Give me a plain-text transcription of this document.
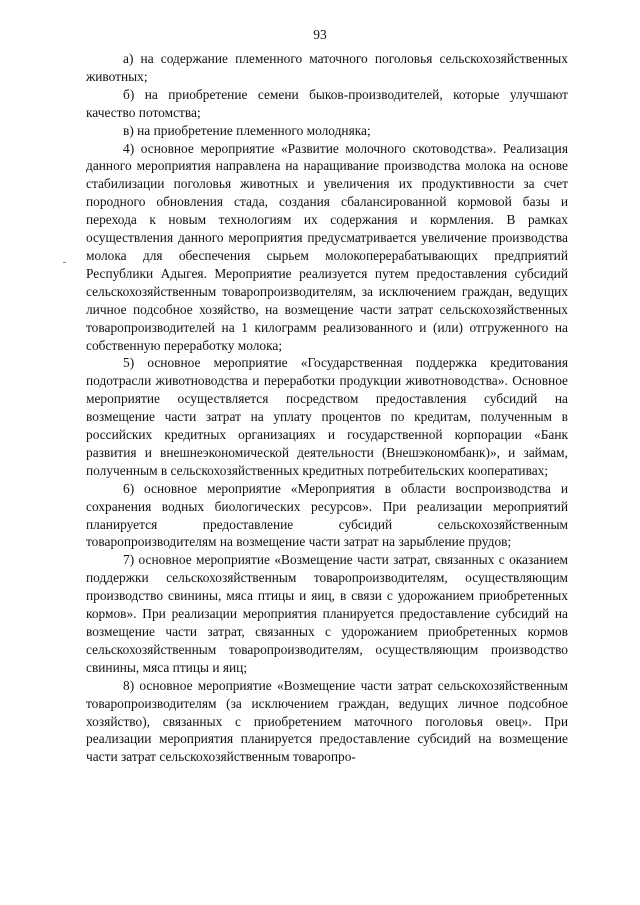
93

а) на содержание племенного маточного поголовья сельскохозяйственных животных;

б) на приобретение семени быков-производителей, которые улучшают качество потомства;

в) на приобретение племенного молодняка;

4) основное мероприятие «Развитие молочного скотоводства». Реализация данного мероприятия направлена на наращивание производства молока на основе стабилизации поголовья животных и увеличения их продуктивности за счет породного обновления стада, создания сбалансированной кормовой базы и перехода к новым технологиям их содержания и кормления. В рамках осуществления данного мероприятия предусматривается увеличение производства молока для обеспечения сырьем молокоперерабатывающих предприятий Республики Адыгея. Мероприятие реализуется путем предоставления субсидий сельскохозяйственным товаропроизводителям, за исключением граждан, ведущих личное подсобное хозяйство, на возмещение части затрат сельскохозяйственных товаропроизводителей на 1 килограмм реализованного и (или) отгруженного на собственную переработку молока;

5) основное мероприятие «Государственная поддержка кредитования подотрасли животноводства и переработки продукции животноводства». Основное мероприятие осуществляется посредством предоставления субсидий на возмещение части затрат на уплату процентов по кредитам, полученным в российских кредитных организациях и государственной корпорации «Банк развития и внешнеэкономической деятельности (Внешэкономбанк)», и займам, полученным в сельскохозяйственных кредитных потребительских кооперативах;

6) основное мероприятие «Мероприятия в области воспроизводства и сохранения водных биологических ресурсов». При реализации мероприятий планируется предоставление субсидий сельскохозяйственным товаропроизводителям на возмещение части затрат на зарыбление прудов;

7) основное мероприятие «Возмещение части затрат, связанных с оказанием поддержки сельскохозяйственным товаропроизводителям, осуществляющим производство свинины, мяса птицы и яиц, в связи с удорожанием приобретенных кормов». При реализации мероприятия планируется предоставление субсидий на возмещение части затрат, связанных с удорожанием приобретенных кормов сельскохозяйственным товаропроизводителям, осуществляющим производство свинины, мяса птицы и яиц;

8) основное мероприятие «Возмещение части затрат сельскохозяйственным товаропроизводителям (за исключением граждан, ведущих личное подсобное хозяйство), связанных с приобретением маточного поголовья овец». При реализации мероприятия планируется предоставление субсидий на возмещение части затрат сельскохозяйственным товаропро-
